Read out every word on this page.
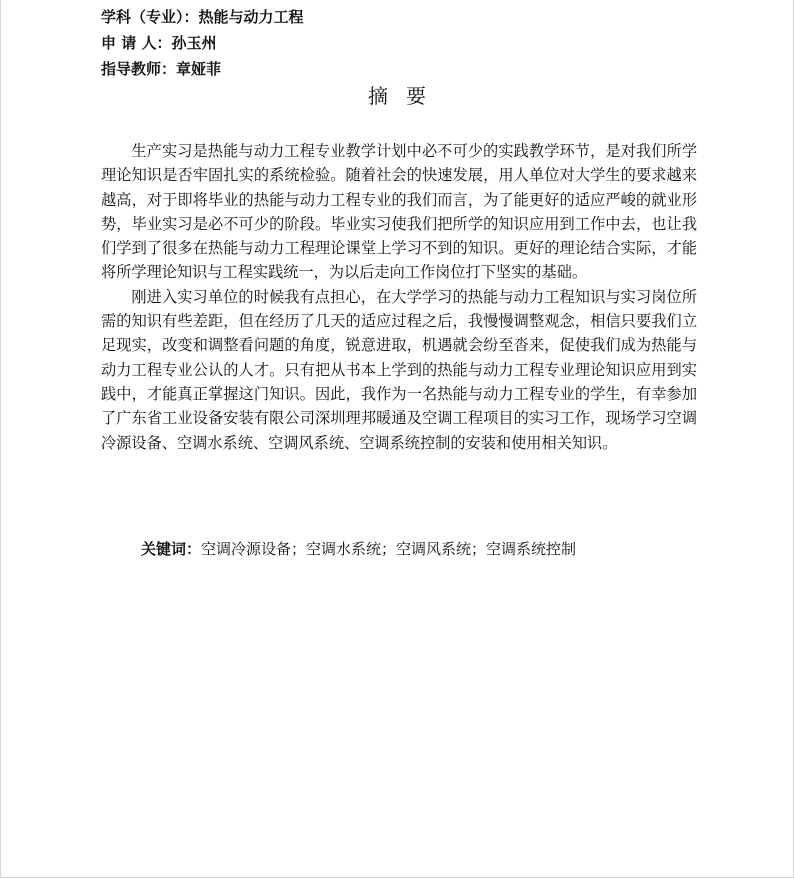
学科（专业）：热能与动力工程
申 请 人：孙玉州
指导教师：章娅菲
摘要

生产实习是热能与动力工程专业教学计划中必不可少的实践教学环节，是对我们所学理论知识是否牢固扎实的系统检验。随着社会的快速发展，用人单位对大学生的要求越来越高，对于即将毕业的热能与动力工程专业的我们而言，为了能更好的适应严峻的就业形势，毕业实习是必不可少的阶段。毕业实习使我们把所学的知识应用到工作中去，也让我们学到了很多在热能与动力工程理论课堂上学习不到的知识。更好的理论结合实际，才能将所学理论知识与工程实践统一，为以后走向工作岗位打下坚实的基础。

刚进入实习单位的时候我有点担心，在大学学习的热能与动力工程知识与实习岗位所需的知识有些差距，但在经历了几天的适应过程之后，我慢慢调整观念，相信只要我们立足现实，改变和调整看问题的角度，锐意进取，机遇就会纷至沓来，促使我们成为热能与动力工程专业公认的人才。只有把从书本上学到的热能与动力工程专业理论知识应用到实践中，才能真正掌握这门知识。因此，我作为一名热能与动力工程专业的学生，有幸参加了广东省工业设备安装有限公司深圳理邦暖通及空调工程项目的实习工作，现场学习空调冷源设备、空调水系统、空调风系统、空调系统控制的安装和使用相关知识。

关键词：空调冷源设备；空调水系统；空调风系统；空调系统控制
